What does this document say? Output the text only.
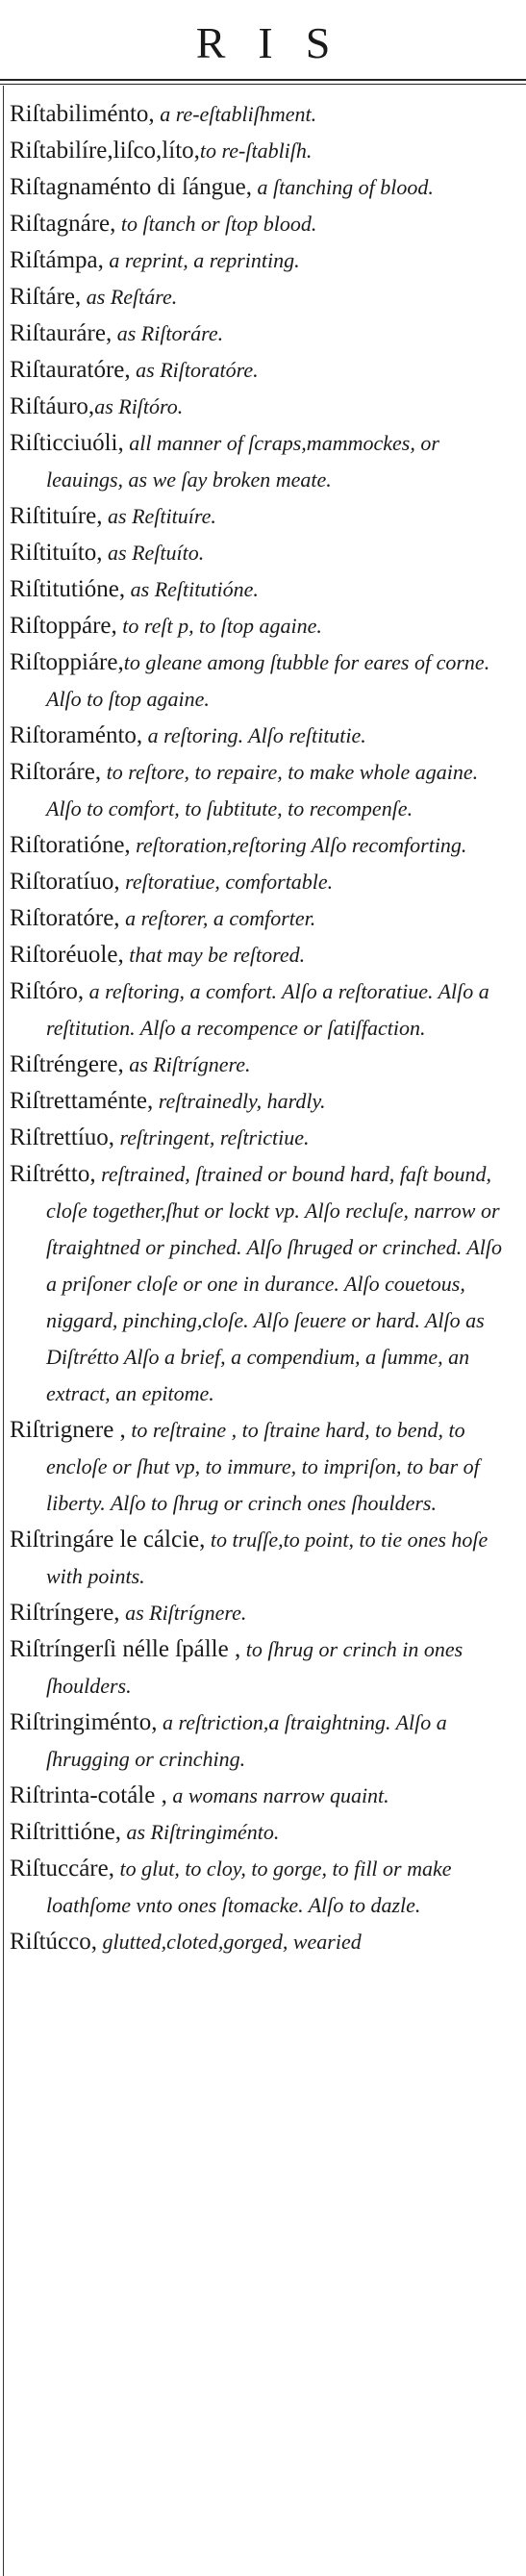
RIS

Riſtabiliménto, a re-eſtabliſhment.

Riſtabilíre,liſco,líto,to re-ſtabliſh.

Riſtagnaménto di ſángue, a ſtanching of blood.

Riſtagnáre, to ſtanch or ſtop blood.

Riſtámpa, a reprint, a reprinting.

Riſtáre, as Reſtáre.

Riſtauráre, as Riſtoráre.

Riſtauratóre, as Riſtoratóre.

Riſtáuro,as Riſtóro.

Riſticciuóli, all manner of ſcraps,mammockes, or leauings, as we ſay broken meate.

Riſtituíre, as Reſtituíre.

Riſtituíto, as Reſtuíto.

Riſtitutióne, as Reſtitutióne.

Riſtoppáre, to reſt p, to ſtop againe.

Riſtoppiáre,to gleane among ſtubble for eares of corne. Alſo to ſtop againe.

Riſtoraménto, a reſtoring. Alſo reſtitutie.

Riſtoráre, to reſtore, to repaire, to make whole againe. Alſo to comfort, to ſubtitute, to recompenſe.

Riſtoratióne, reſtoration,reſtoring Alſo recomforting.

Riſtoratíuo, reſtoratiue, comfortable.

Riſtoratóre, a reſtorer, a comforter.

Riſtoréuole, that may be reſtored.

Riſtóro, a reſtoring, a comfort. Alſo a reſtoratiue. Alſo a reſtitution. Alſo a recompence or ſatiſfaction.

Riſtréngere, as Riſtrígnere.

Riſtrettaménte, reſtrainedly, hardly.

Riſtrettíuo, reſtringent, reſtrictiue.

Riſtrétto, reſtrained, ſtrained or bound hard, faſt bound, cloſe together,ſhut or lockt vp. Alſo recluſe, narrow or ſtraightned or pinched. Alſo ſhruged or crinched. Alſo a priſoner cloſe or one in durance. Alſo couetous, niggard, pinching,cloſe. Alſo ſeuere or hard. Alſo as Diſtrétto Alſo a brief, a compendium, a ſumme, an extract, an epitome.

Riſtrignere , to reſtraine , to ſtraine hard, to bend, to encloſe or ſhut vp, to immure, to impriſon, to bar of liberty. Alſo to ſhrug or crinch ones ſhoulders.

Riſtringáre le cálcie, to truſſe,to point, to tie ones hoſe with points.

Riſtríngere, as Riſtrígnere.

Riſtríngerſi nélle ſpálle , to ſhrug or crinch in ones ſhoulders.

Riſtringiménto, a reſtriction,a ſtraightning. Alſo a ſhrugging or crinching.

Riſtrinta-cotále , a womans narrow quaint.

Riſtrittióne, as Riſtringiménto.

Riſtuccáre, to glut, to cloy, to gorge, to fill or make loathſome vnto ones ſtomacke. Alſo to dazle.

Riſtúcco, glutted,cloted,gorged, wearied
